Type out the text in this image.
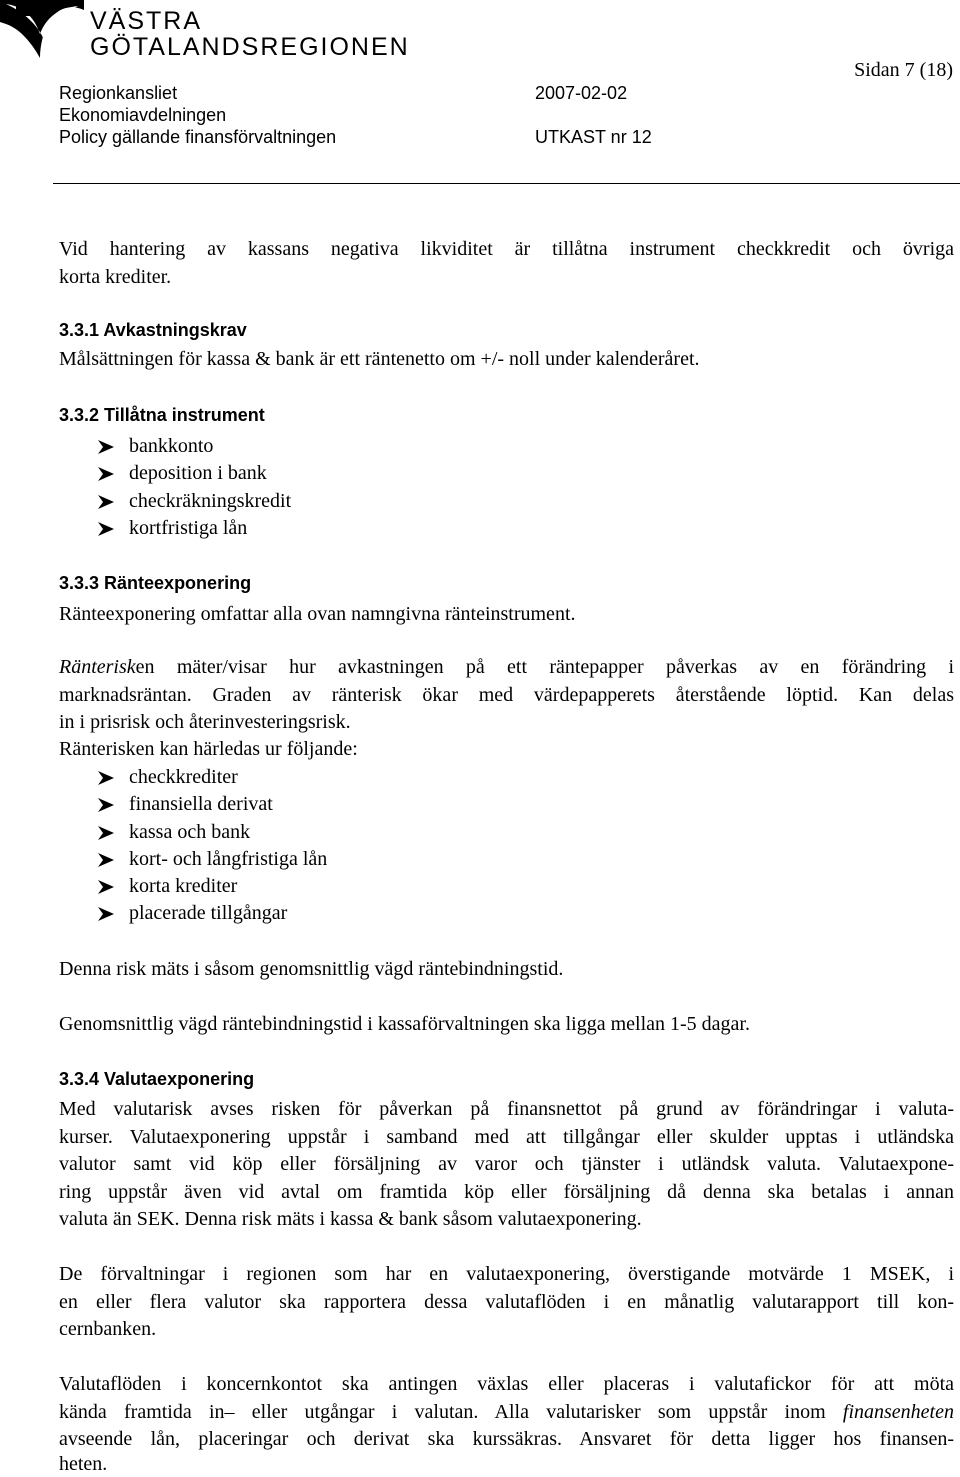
VÄSTRA
GÖTALANDSREGIONEN
Regionkansliet
Ekonomiavdelningen
Policy gällande finansförvaltningen
2007-02-02
UTKAST nr 12
Sidan 7 (18)
Vid hantering av kassans negativa likviditet är tillåtna instrument checkkredit och övriga
korta krediter.
3.3.1 Avkastningskrav
Målsättningen för kassa & bank är ett räntenetto om +/- noll under kalenderåret.
3.3.2 Tillåtna instrument
bankkonto
deposition i bank
checkräkningskredit
kortfristiga lån
3.3.3 Ränteexponering
Ränteexponering omfattar alla ovan namngivna ränteinstrument.
Ränterisken mäter/visar hur avkastningen på ett räntepapper påverkas av en förändring i
marknadsräntan. Graden av ränterisk ökar med värdepapperets återstående löptid. Kan delas
in i prisrisk och återinvesteringsrisk.
Ränterisken kan härledas ur följande:
checkkrediter
finansiella derivat
kassa och bank
kort- och långfristiga lån
korta krediter
placerade tillgångar
Denna risk mäts i såsom genomsnittlig vägd räntebindningstid.
Genomsnittlig vägd räntebindningstid i kassaförvaltningen ska ligga mellan 1-5 dagar.
3.3.4 Valutaexponering
Med valutarisk avses risken för påverkan på finansnettot på grund av förändringar i valuta-
kurser. Valutaexponering uppstår i samband med att tillgångar eller skulder upptas i utländska
valutor samt vid köp eller försäljning av varor och tjänster i utländsk valuta. Valutaexpone-
ring uppstår även vid avtal om framtida köp eller försäljning då denna ska betalas i annan
valuta än SEK. Denna risk mäts i kassa & bank såsom valutaexponering.
De förvaltningar i regionen som har en valutaexponering, överstigande motvärde 1 MSEK, i
en eller flera valutor ska rapportera dessa valutaflöden i en månatlig valutarapport till kon-
cernbanken.
Valutaflöden i koncernkontot ska antingen växlas eller placeras i valutafickor för att möta
kända framtida in– eller utgångar i valutan. Alla valutarisker som uppstår inom finansenheten
avseende lån, placeringar och derivat ska kurssäkras. Ansvaret för detta ligger hos finansen-
heten.
